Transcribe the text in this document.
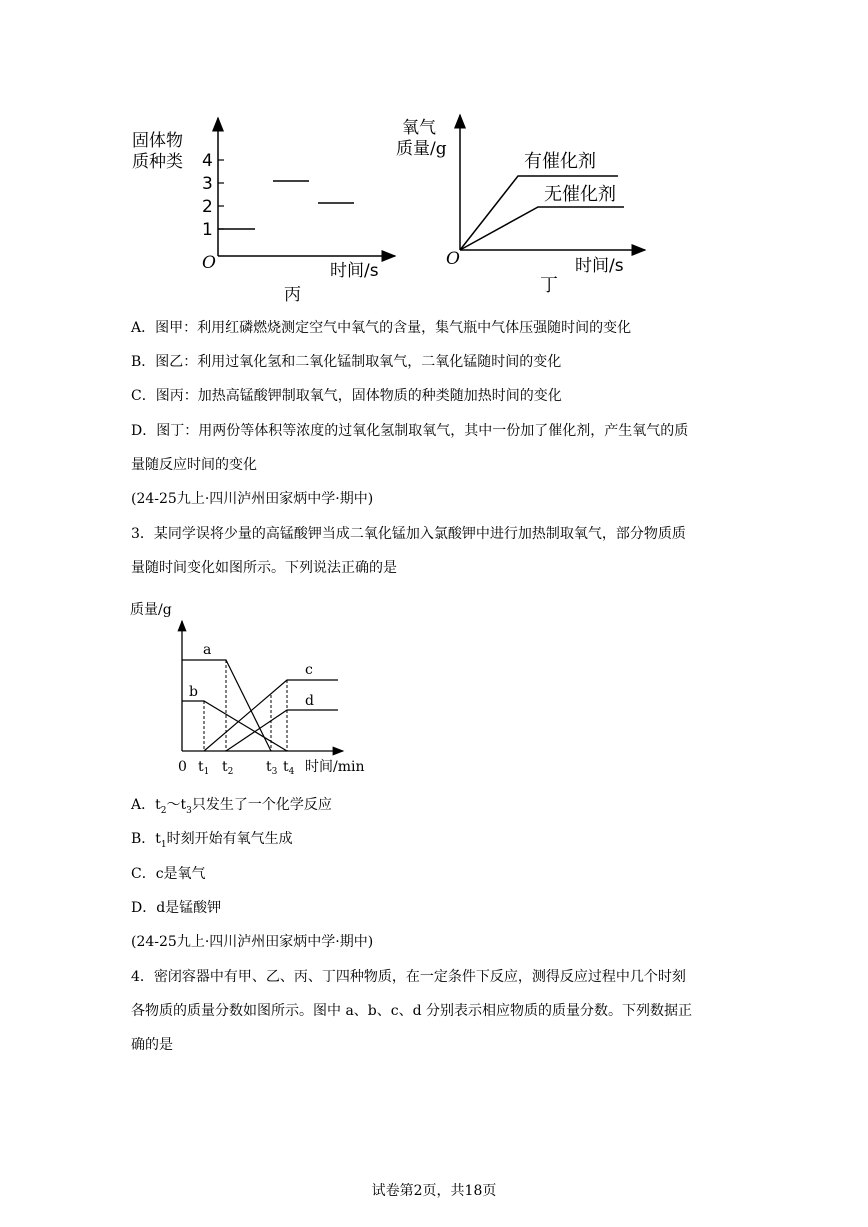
固体物
质种类 4
3
2
1
O	时间/s
丙
氧气
质量/g
有催化剂
无催化剂
O	时间/s
丁
A．图甲：利用红磷燃烧测定空气中氧气的含量，集气瓶中气体压强随时间的变化
B．图乙：利用过氧化氢和二氧化锰制取氧气，二氧化锰随时间的变化
C．图丙：加热高锰酸钾制取氧气，固体物质的种类随加热时间的变化
D．图丁：用两份等体积等浓度的过氧化氢制取氧气，其中一份加了催化剂，产生氧气的质
量随反应时间的变化
(24-25九上·四川泸州田家炳中学·期中)
3．某同学误将少量的高锰酸钾当成二氧化锰加入氯酸钾中进行加热制取氧气，部分物质质
量随时间变化如图所示。下列说法正确的是
质量/g
a
b
c
d
0 $t_1$ $t_2$ $t_3$ $t_4$ 时间/min
A．$t_2\sim t_3$只发生了一个化学反应
B．$t_1$时刻开始有氧气生成
C．c是氧气
D．d是锰酸钾
(24-25九上·四川泸州田家炳中学·期中)
4．密闭容器中有甲、乙、丙、丁四种物质，在一定条件下反应，测得反应过程中几个时刻
各物质的质量分数如图所示。图中 a、b、c、d 分别表示相应物质的质量分数。下列数据正
确的是
试卷第2页，共18页
